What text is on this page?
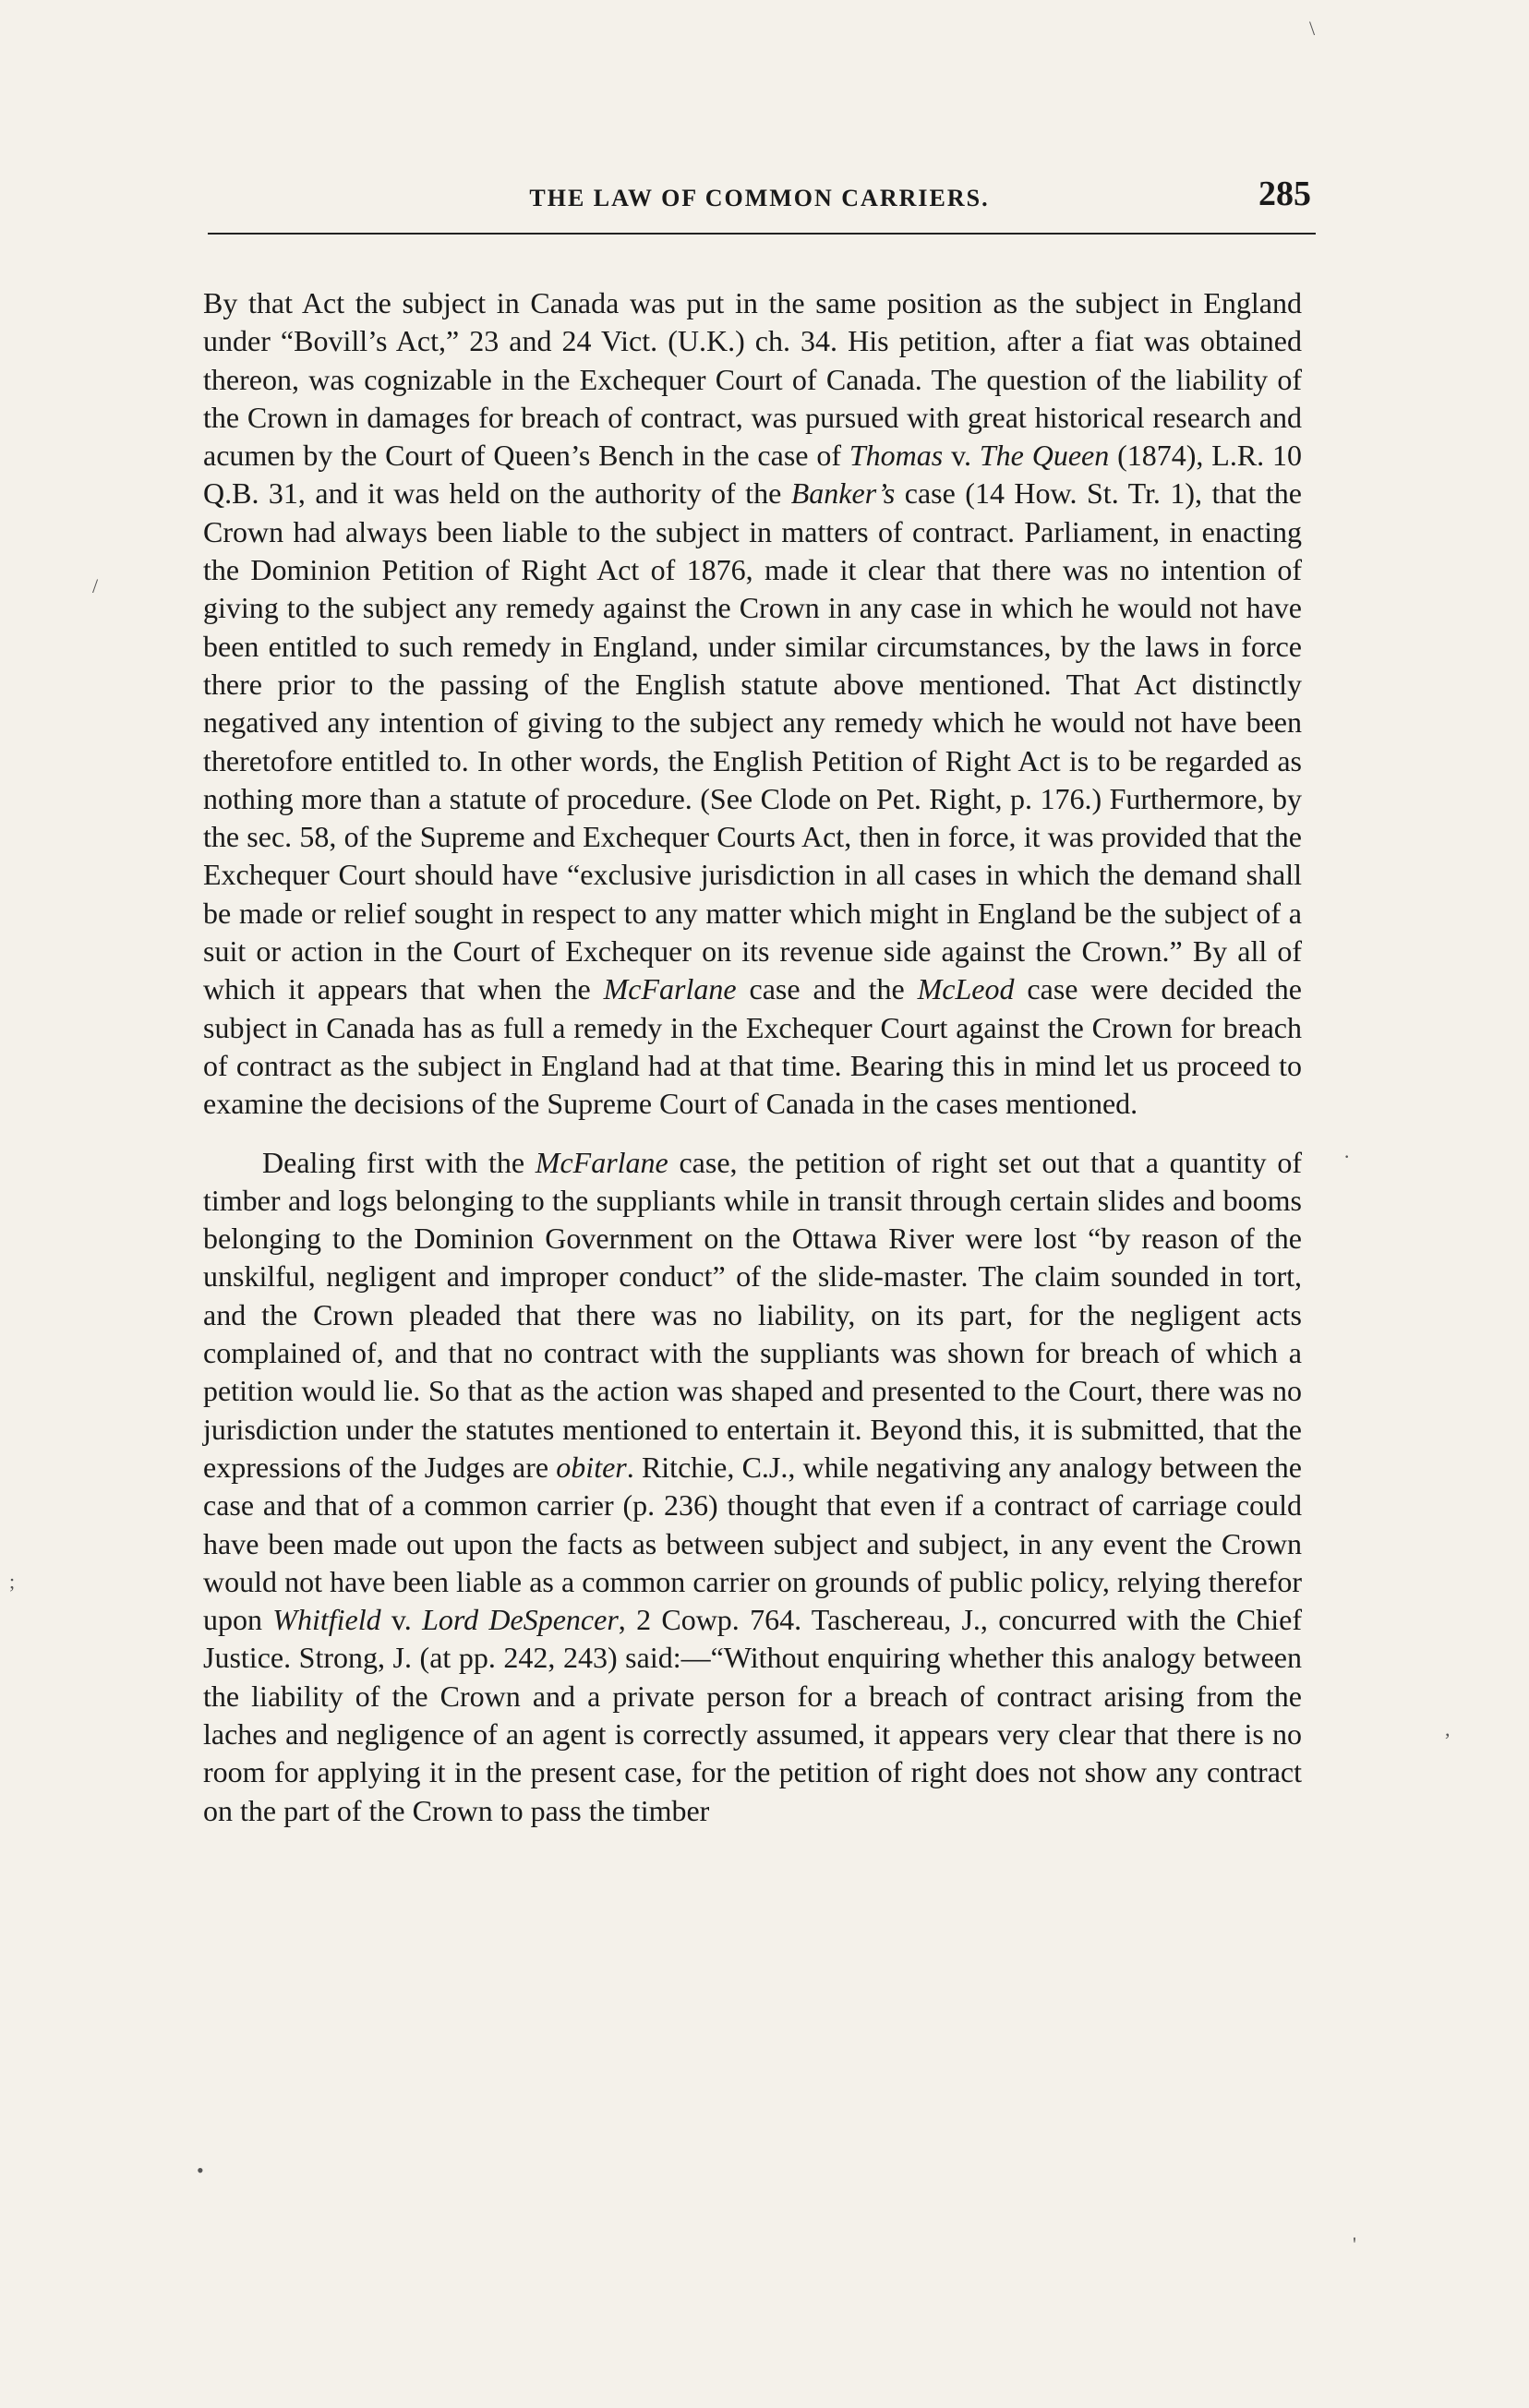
THE LAW OF COMMON CARRIERS.	285

By that Act the subject in Canada was put in the same position as the subject in England under “Bovill’s Act,” 23 and 24 Vict. (U.K.) ch. 34. His petition, after a fiat was obtained thereon, was cognizable in the Exchequer Court of Canada. The question of the liability of the Crown in damages for breach of contract, was pursued with great historical research and acumen by the Court of Queen’s Bench in the case of Thomas v. The Queen (1874), L.R. 10 Q.B. 31, and it was held on the authority of the Banker’s case (14 How. St. Tr. 1), that the Crown had always been liable to the subject in matters of contract. Parliament, in enacting the Dominion Petition of Right Act of 1876, made it clear that there was no intention of giving to the subject any remedy against the Crown in any case in which he would not have been entitled to such remedy in England, under similar circumstances, by the laws in force there prior to the passing of the English statute above mentioned. That Act distinctly negatived any intention of giving to the subject any remedy which he would not have been theretofore entitled to. In other words, the English Petition of Right Act is to be regarded as nothing more than a statute of procedure. (See Clode on Pet. Right, p. 176.) Furthermore, by the sec. 58, of the Supreme and Exchequer Courts Act, then in force, it was provided that the Exchequer Court should have “exclusive jurisdiction in all cases in which the demand shall be made or relief sought in respect to any matter which might in England be the subject of a suit or action in the Court of Exchequer on its revenue side against the Crown.” By all of which it appears that when the McFarlane case and the McLeod case were decided the subject in Canada has as full a remedy in the Exchequer Court against the Crown for breach of contract as the subject in England had at that time. Bearing this in mind let us proceed to examine the decisions of the Supreme Court of Canada in the cases mentioned.

Dealing first with the McFarlane case, the petition of right set out that a quantity of timber and logs belonging to the suppliants while in transit through certain slides and booms belonging to the Dominion Government on the Ottawa River were lost “by reason of the unskilful, negligent and improper conduct” of the slide-master. The claim sounded in tort, and the Crown pleaded that there was no liability, on its part, for the negligent acts complained of, and that no contract with the suppliants was shown for breach of which a petition would lie. So that as the action was shaped and presented to the Court, there was no jurisdiction under the statutes mentioned to entertain it. Beyond this, it is submitted, that the expressions of the Judges are obiter. Ritchie, C.J., while negativing any analogy between the case and that of a common carrier (p. 236) thought that even if a contract of carriage could have been made out upon the facts as between subject and subject, in any event the Crown would not have been liable as a common carrier on grounds of public policy, relying therefor upon Whitfield v. Lord DeSpencer, 2 Cowp. 764. Taschereau, J., concurred with the Chief Justice. Strong, J. (at pp. 242, 243) said:—“Without enquiring whether this analogy between the liability of the Crown and a private person for a breach of contract arising from the laches and negligence of an agent is correctly assumed, it appears very clear that there is no room for applying it in the present case, for the petition of right does not show any contract on the part of the Crown to pass the timber

\
/
·
;
,
•
'
